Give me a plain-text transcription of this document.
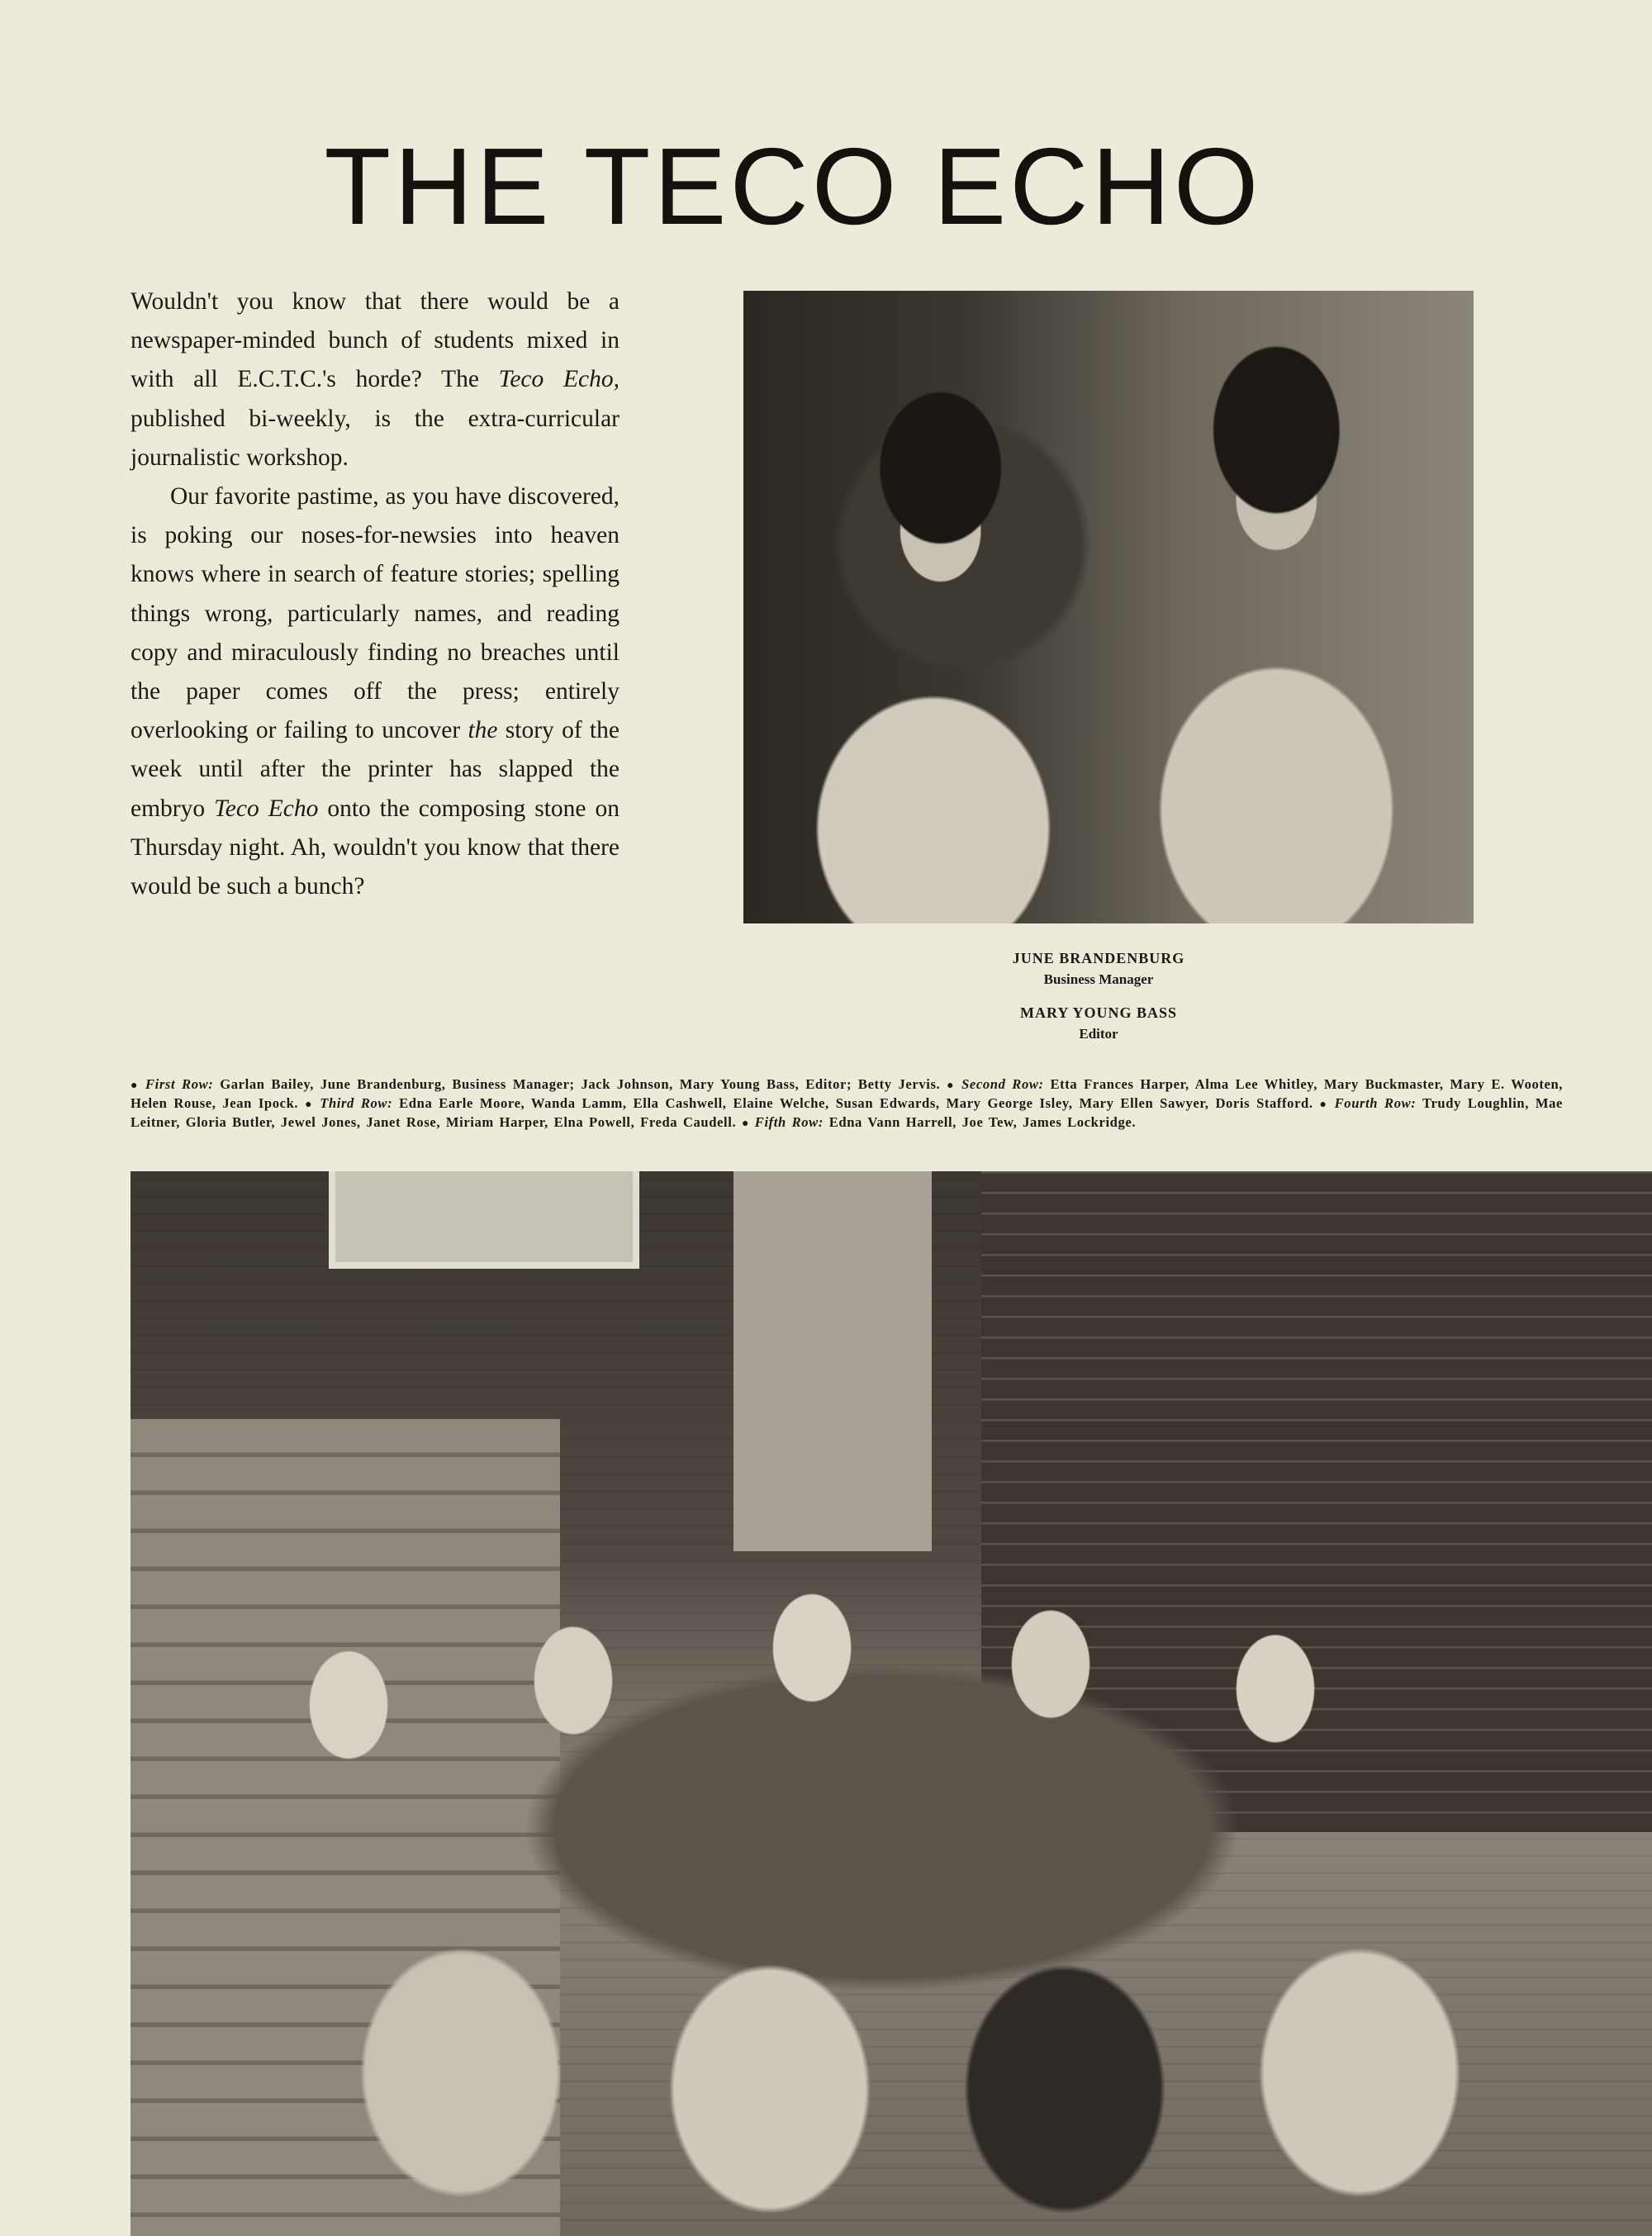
THE TECO ECHO

Wouldn't you know that there would be a newspaper-minded bunch of students mixed in with all E.C.T.C.'s horde? The Teco Echo, published bi-weekly, is the extra-curricular journalistic workshop.

Our favorite pastime, as you have discovered, is poking our noses-for-newsies into heaven knows where in search of feature stories; spelling things wrong, particularly names, and reading copy and miraculously finding no breaches until the paper comes off the press; entirely overlooking or failing to uncover the story of the week until after the printer has slapped the embryo Teco Echo onto the composing stone on Thursday night. Ah, wouldn't you know that there would be such a bunch?

JUNE BRANDENBURG
Business Manager
MARY YOUNG BASS
Editor
● First Row: Garlan Bailey, June Brandenburg, Business Manager; Jack Johnson, Mary Young Bass, Editor; Betty Jervis. ● Second Row: Etta Frances Harper, Alma Lee Whitley, Mary Buckmaster, Mary E. Wooten, Helen Rouse, Jean Ipock. ● Third Row: Edna Earle Moore, Wanda Lamm, Ella Cashwell, Elaine Welche, Susan Edwards, Mary George Isley, Mary Ellen Sawyer, Doris Stafford. ● Fourth Row: Trudy Loughlin, Mae Leitner, Gloria Butler, Jewel Jones, Janet Rose, Miriam Harper, Elna Powell, Freda Caudell. ● Fifth Row: Edna Vann Harrell, Joe Tew, James Lockridge.
